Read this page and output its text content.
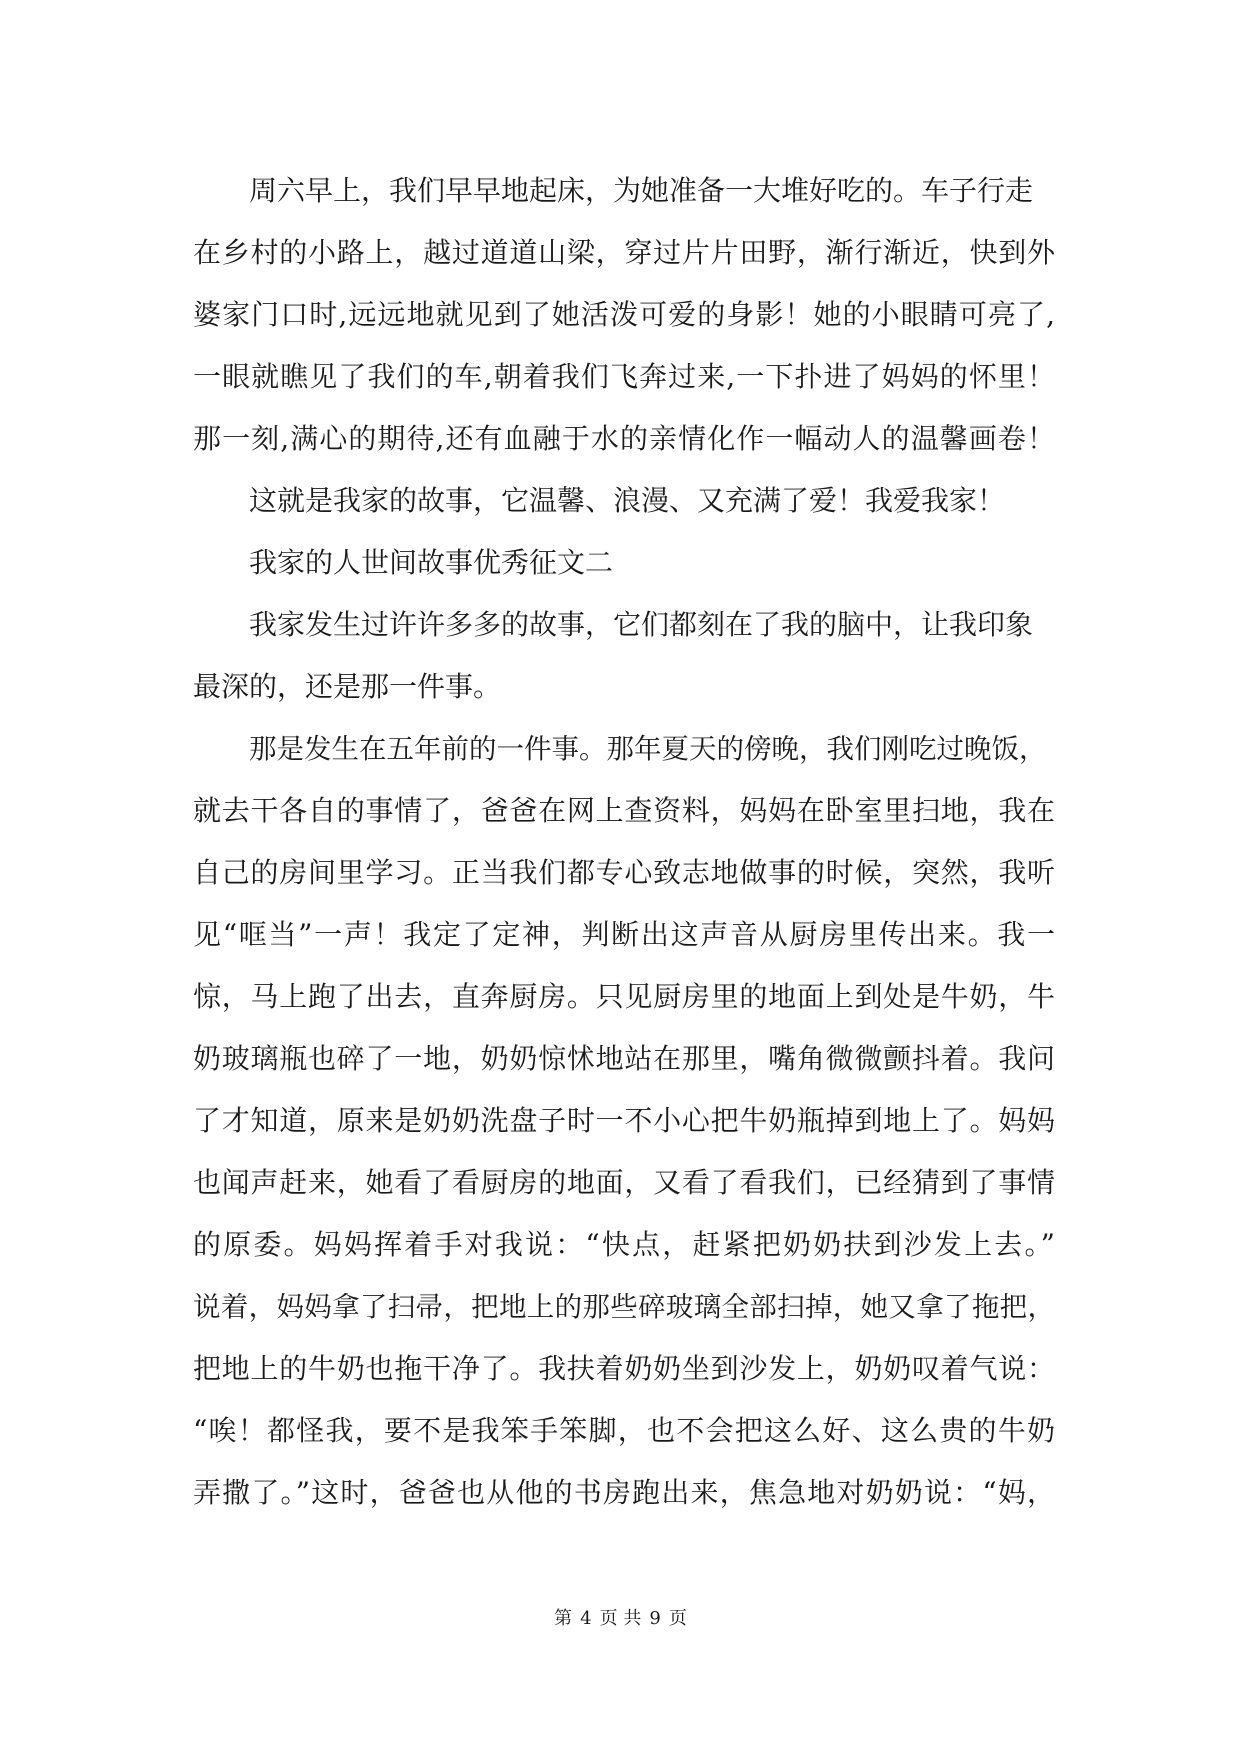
周六早上，我们早早地起床，为她准备一大堆好吃的。车子行走
在乡村的小路上，越过道道山梁，穿过片片田野，渐行渐近，快到外
婆家门口时,远远地就见到了她活泼可爱的身影！她的小眼睛可亮了,
一眼就瞧见了我们的车,朝着我们飞奔过来,一下扑进了妈妈的怀里！
那一刻,满心的期待,还有血融于水的亲情化作一幅动人的温馨画卷！
这就是我家的故事，它温馨、浪漫、又充满了爱！我爱我家！
我家的人世间故事优秀征文二
我家发生过许许多多的故事，它们都刻在了我的脑中，让我印象
最深的，还是那一件事。
那是发生在五年前的一件事。那年夏天的傍晚，我们刚吃过晚饭，
就去干各自的事情了，爸爸在网上查资料，妈妈在卧室里扫地，我在
自己的房间里学习。正当我们都专心致志地做事的时候，突然，我听
见“哐当”一声！我定了定神，判断出这声音从厨房里传出来。我一
惊，马上跑了出去，直奔厨房。只见厨房里的地面上到处是牛奶，牛
奶玻璃瓶也碎了一地，奶奶惊怵地站在那里，嘴角微微颤抖着。我问
了才知道，原来是奶奶洗盘子时一不小心把牛奶瓶掉到地上了。妈妈
也闻声赶来，她看了看厨房的地面，又看了看我们，已经猜到了事情
的原委。妈妈挥着手对我说：“快点，赶紧把奶奶扶到沙发上去。”
说着，妈妈拿了扫帚，把地上的那些碎玻璃全部扫掉，她又拿了拖把，
把地上的牛奶也拖干净了。我扶着奶奶坐到沙发上，奶奶叹着气说：
“唉！都怪我，要不是我笨手笨脚，也不会把这么好、这么贵的牛奶
弄撒了。”这时，爸爸也从他的书房跑出来，焦急地对奶奶说：“妈，
第 4 页 共 9 页
